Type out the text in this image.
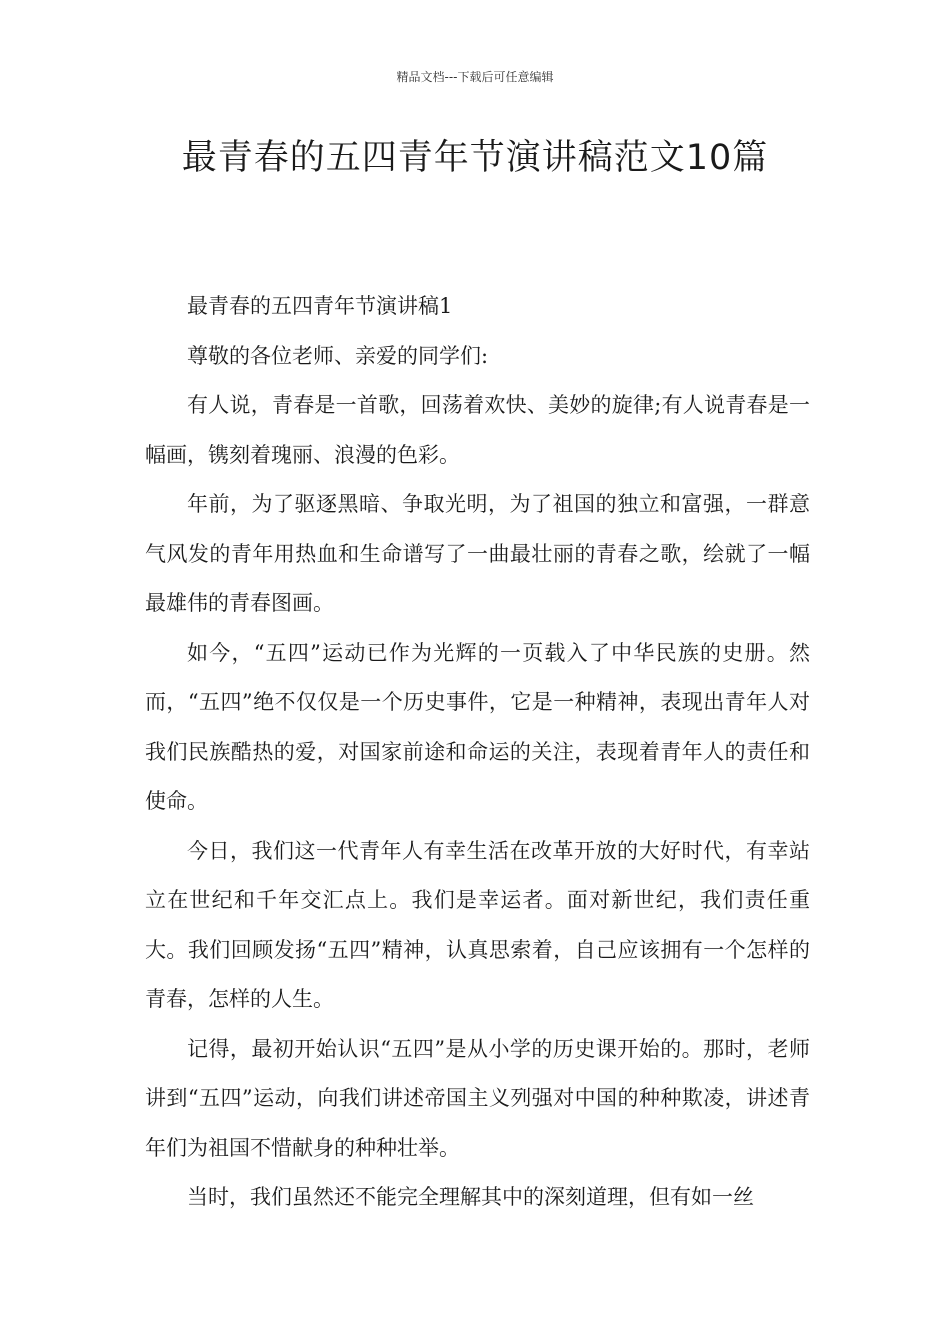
精品文档---下载后可任意编辑
最青春的五四青年节演讲稿范文10篇

最青春的五四青年节演讲稿1

尊敬的各位老师、亲爱的同学们:

有人说，青春是一首歌，回荡着欢快、美妙的旋律;有人说青春是一幅画，镌刻着瑰丽、浪漫的色彩。

年前，为了驱逐黑暗、争取光明，为了祖国的独立和富强，一群意气风发的青年用热血和生命谱写了一曲最壮丽的青春之歌，绘就了一幅最雄伟的青春图画。

如今，“五四”运动已作为光辉的一页载入了中华民族的史册。然而，“五四”绝不仅仅是一个历史事件，它是一种精神，表现出青年人对我们民族酷热的爱，对国家前途和命运的关注，表现着青年人的责任和使命。

今日，我们这一代青年人有幸生活在改革开放的大好时代，有幸站立在世纪和千年交汇点上。我们是幸运者。面对新世纪，我们责任重大。我们回顾发扬“五四”精神，认真思索着，自己应该拥有一个怎样的青春，怎样的人生。

记得，最初开始认识“五四”是从小学的历史课开始的。那时，老师讲到“五四”运动，向我们讲述帝国主义列强对中国的种种欺凌，讲述青年们为祖国不惜献身的种种壮举。

当时，我们虽然还不能完全理解其中的深刻道理，但有如一丝
